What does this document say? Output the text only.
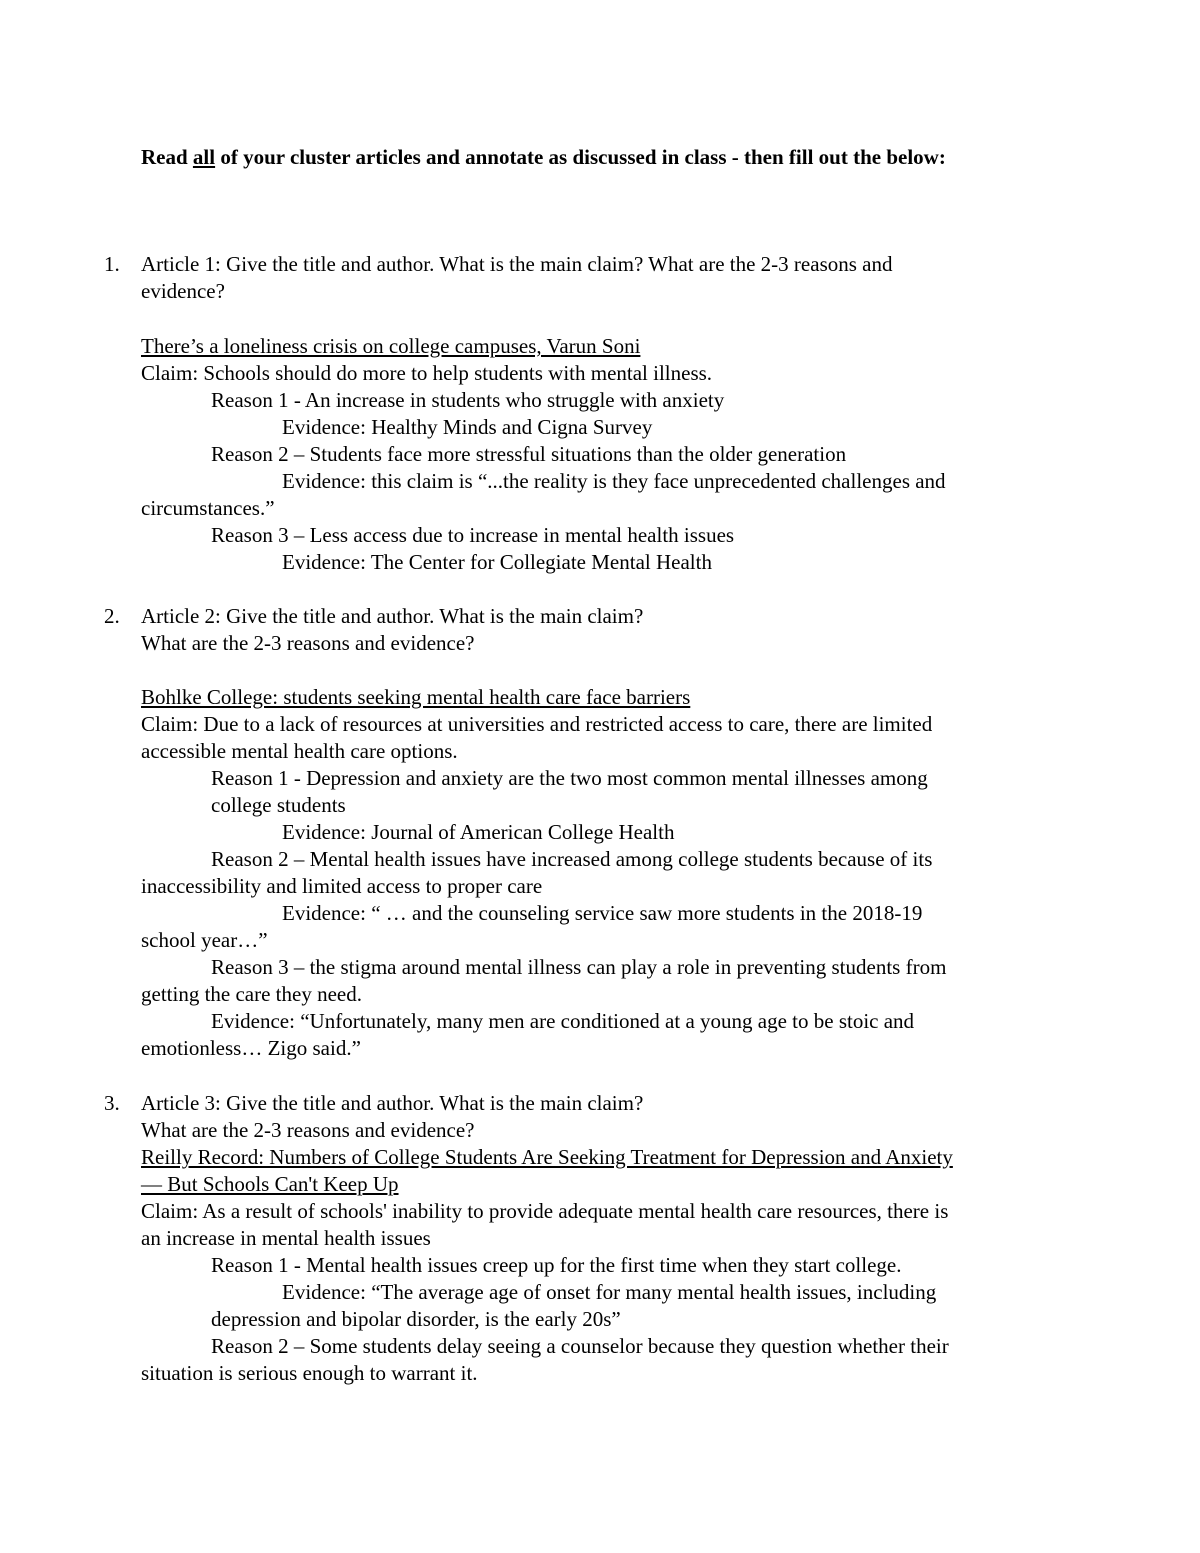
Read all of your cluster articles and annotate as discussed in class - then fill out the below:

1. Article 1: Give the title and author. What is the main claim? What are the 2-3 reasons and

evidence?

There’s a loneliness crisis on college campuses, Varun Soni

Claim: Schools should do more to help students with mental illness.

Reason 1 - An increase in students who struggle with anxiety

Evidence: Healthy Minds and Cigna Survey

Reason 2 – Students face more stressful situations than the older generation

Evidence: this claim is “...the reality is they face unprecedented challenges and

circumstances.”

Reason 3 – Less access due to increase in mental health issues

Evidence: The Center for Collegiate Mental Health

2. Article 2: Give the title and author. What is the main claim?

What are the 2-3 reasons and evidence?

Bohlke College: students seeking mental health care face barriers

Claim: Due to a lack of resources at universities and restricted access to care, there are limited

accessible mental health care options.

Reason 1 - Depression and anxiety are the two most common mental illnesses among

college students

Evidence: Journal of American College Health

Reason 2 – Mental health issues have increased among college students because of its

inaccessibility and limited access to proper care

Evidence: “ … and the counseling service saw more students in the 2018-19

school year…”

Reason 3 – the stigma around mental illness can play a role in preventing students from

getting the care they need.

Evidence: “Unfortunately, many men are conditioned at a young age to be stoic and

emotionless… Zigo said.”

3. Article 3: Give the title and author. What is the main claim?

What are the 2-3 reasons and evidence?

Reilly Record: Numbers of College Students Are Seeking Treatment for Depression and Anxiety

— But Schools Can't Keep Up

Claim: As a result of schools' inability to provide adequate mental health care resources, there is

an increase in mental health issues

Reason 1 - Mental health issues creep up for the first time when they start college.

Evidence: “The average age of onset for many mental health issues, including

depression and bipolar disorder, is the early 20s”

Reason 2 – Some students delay seeing a counselor because they question whether their

situation is serious enough to warrant it.
